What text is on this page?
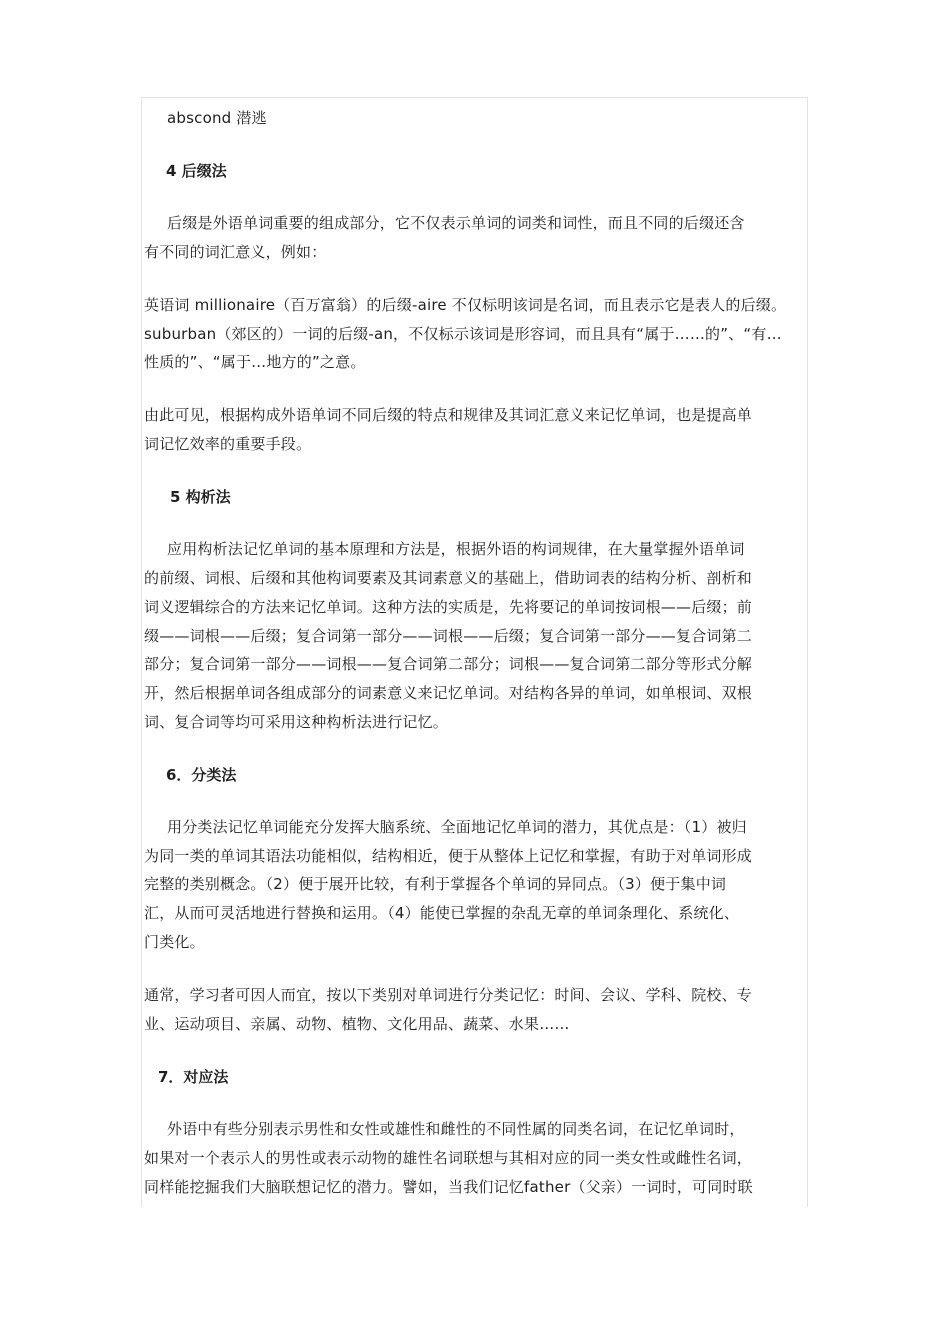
abscond 潜逃
4 后缀法
后缀是外语单词重要的组成部分，它不仅表示单词的词类和词性，而且不同的后缀还含
有不同的词汇意义，例如：
英语词 millionaire（百万富翁）的后缀-aire 不仅标明该词是名词，而且表示它是表人的后缀。
suburban（郊区的）一词的后缀-an，不仅标示该词是形容词，而且具有“属于……的”、“有…
性质的”、“属于…地方的”之意。
由此可见，根据构成外语单词不同后缀的特点和规律及其词汇意义来记忆单词，也是提高单
词记忆效率的重要手段。
5 构析法
应用构析法记忆单词的基本原理和方法是，根据外语的构词规律，在大量掌握外语单词
的前缀、词根、后缀和其他构词要素及其词素意义的基础上，借助词表的结构分析、剖析和
词义逻辑综合的方法来记忆单词。这种方法的实质是，先将要记的单词按词根——后缀；前
缀——词根——后缀；复合词第一部分——词根——后缀；复合词第一部分——复合词第二
部分；复合词第一部分——词根——复合词第二部分；词根——复合词第二部分等形式分解
开，然后根据单词各组成部分的词素意义来记忆单词。对结构各异的单词，如单根词、双根
词、复合词等均可采用这种构析法进行记忆。
6．分类法
用分类法记忆单词能充分发挥大脑系统、全面地记忆单词的潜力，其优点是：（1）被归
为同一类的单词其语法功能相似，结构相近，便于从整体上记忆和掌握，有助于对单词形成
完整的类别概念。（2）便于展开比较，有利于掌握各个单词的异同点。（3）便于集中词
汇，从而可灵活地进行替换和运用。（4）能使已掌握的杂乱无章的单词条理化、系统化、
门类化。
通常，学习者可因人而宜，按以下类别对单词进行分类记忆：时间、会议、学科、院校、专
业、运动项目、亲属、动物、植物、文化用品、蔬菜、水果……
7．对应法
外语中有些分别表示男性和女性或雄性和雌性的不同性属的同类名词，在记忆单词时，
如果对一个表示人的男性或表示动物的雄性名词联想与其相对应的同一类女性或雌性名词，
同样能挖掘我们大脑联想记忆的潜力。譬如，当我们记忆father（父亲）一词时，可同时联
